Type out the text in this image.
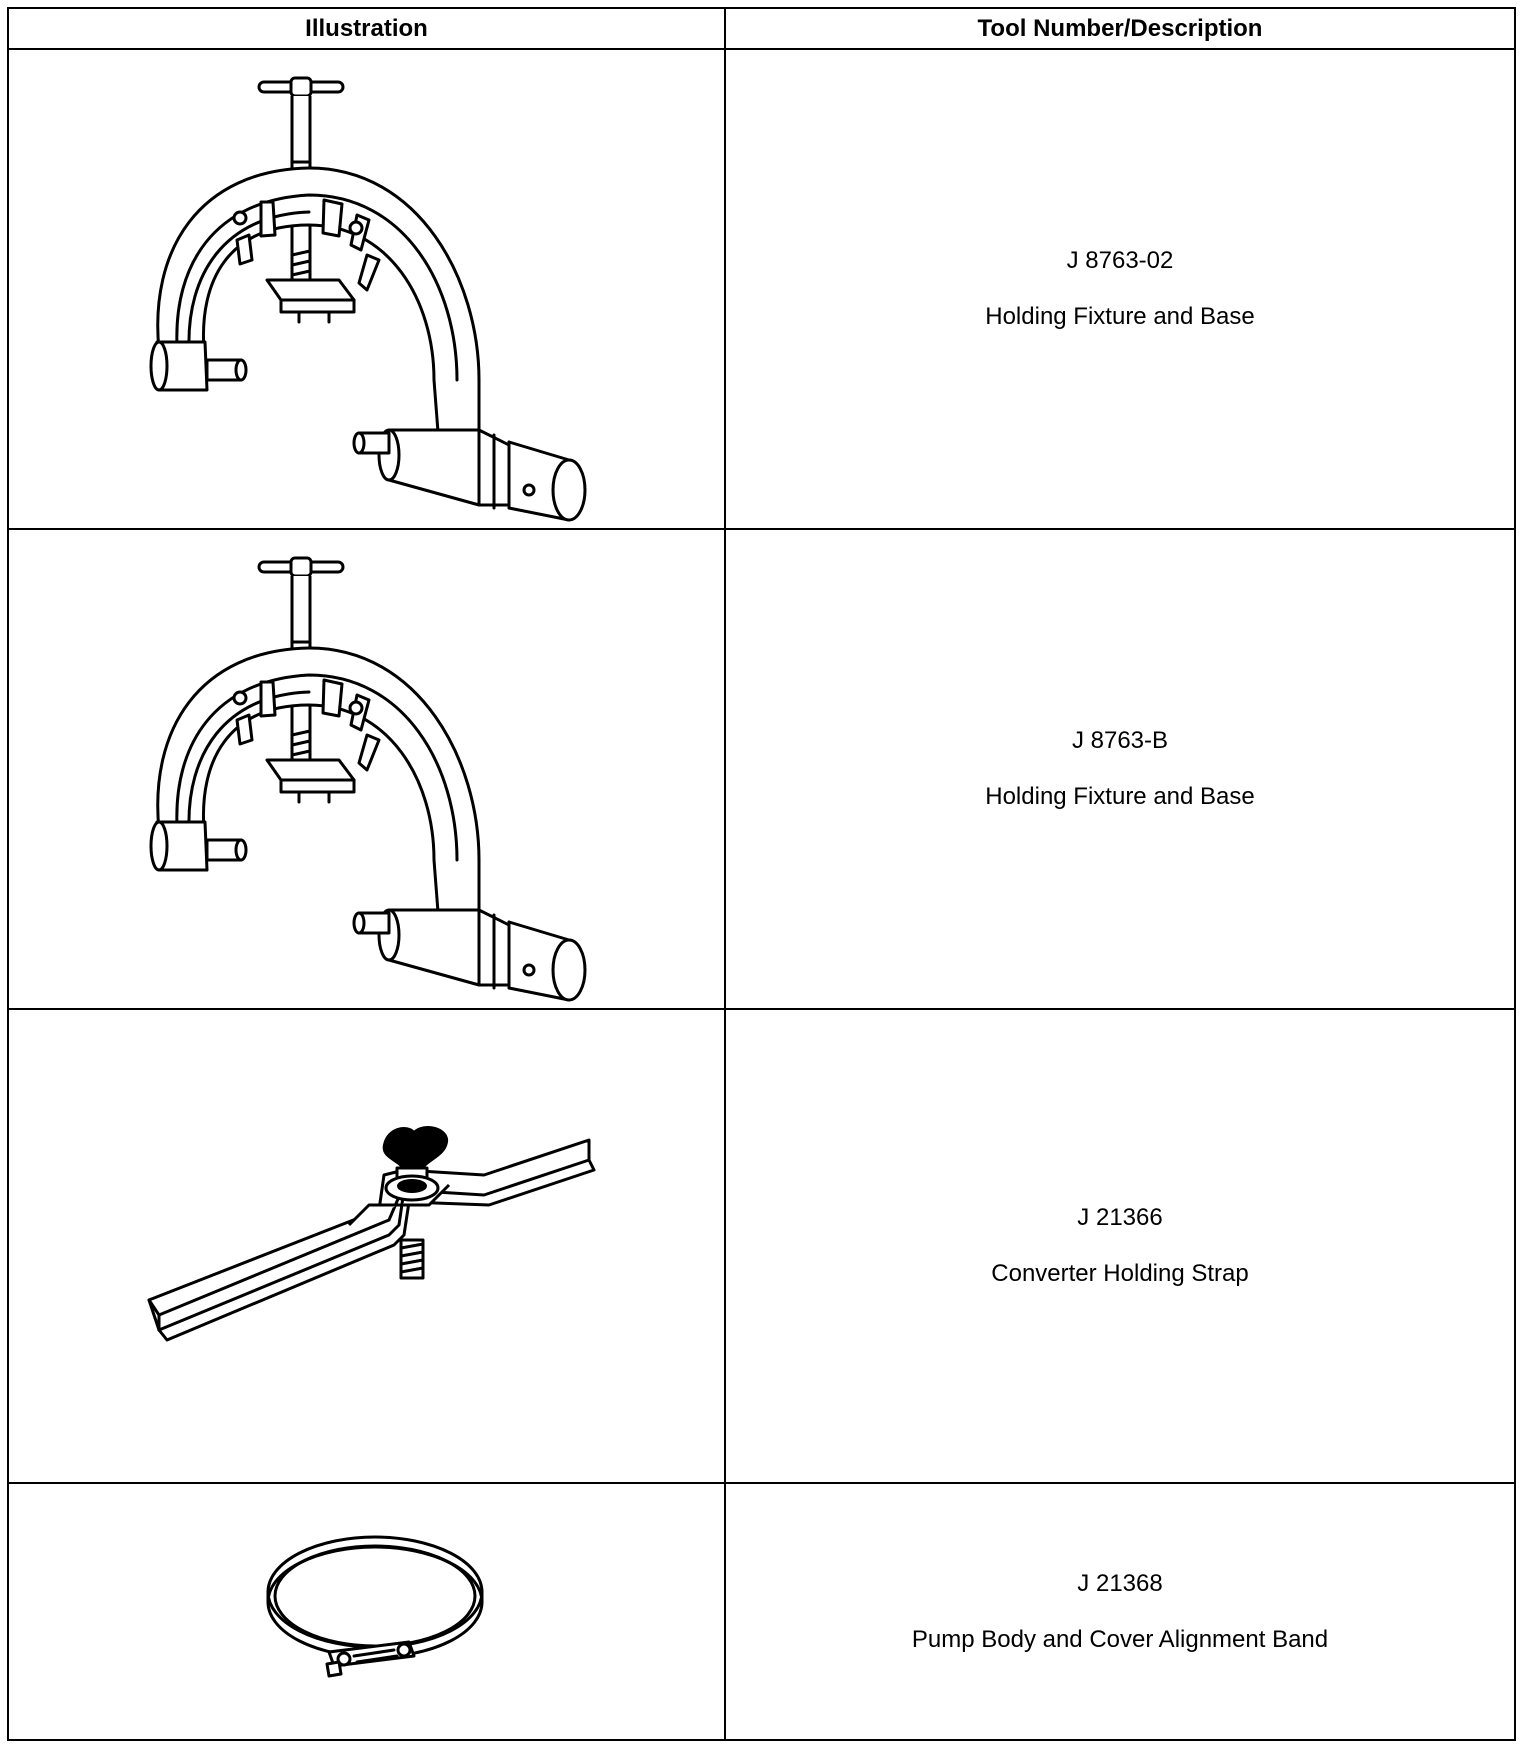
Illustration	Tool Number/Description

J 8763-02
Holding Fixture and Base

J 8763-B
Holding Fixture and Base

J 21366
Converter Holding Strap

J 21368
Pump Body and Cover Alignment Band
